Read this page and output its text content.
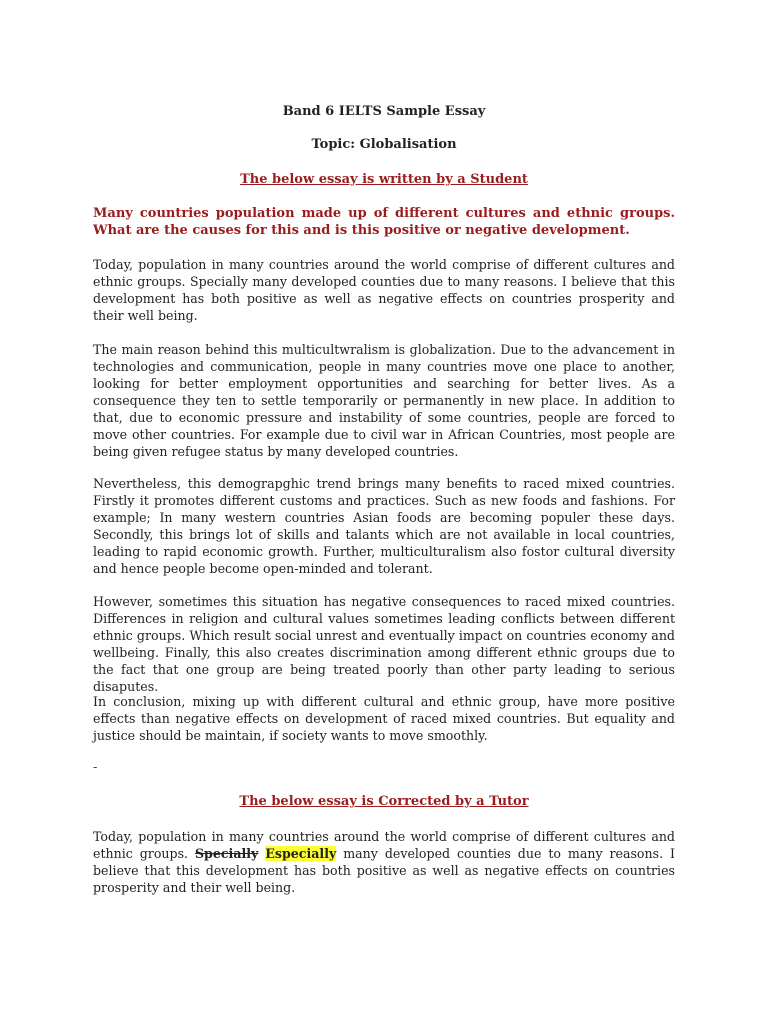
Band 6 IELTS Sample Essay
Topic: Globalisation
The below essay is written by a Student
Many countries population made up of different cultures and ethnic groups. What are the causes for this and is this positive or negative development.
Today, population in many countries around the world comprise of different cultures and ethnic groups. Specially many developed counties due to many reasons. I believe that this development has both positive as well as negative effects on countries prosperity and their well being.
The main reason behind this multicultwralism is globalization. Due to the advancement in technologies and communication, people in many countries move one place to another, looking for better employment opportunities and searching for better lives. As a consequence they ten to settle temporarily or permanently in new place. In addition to that, due to economic pressure and instability of some countries, people are forced to move other countries. For example due to civil war in African Countries, most people are being given refugee status by many developed countries.
Nevertheless, this demograpghic trend brings many benefits to raced mixed countries. Firstly it promotes different customs and practices. Such as new foods and fashions. For example; In many western countries Asian foods are becoming populer these days. Secondly, this brings lot of skills and talants which are not available in local countries, leading to rapid economic growth. Further, multiculturalism also fostor cultural diversity and hence people become open-minded and tolerant.
However, sometimes this situation has negative consequences to raced mixed countries. Differences in religion and cultural values sometimes leading conflicts between different ethnic groups. Which result social unrest and eventually impact on countries economy and wellbeing. Finally, this also creates discrimination among different ethnic groups due to the fact that one group are being treated poorly than other party leading to serious disaputes.
In conclusion, mixing up with different cultural and ethnic group, have more positive effects than negative effects on development of raced mixed countries. But equality and justice should be maintain, if society wants to move smoothly.
-
The below essay is Corrected by a Tutor
Today, population in many countries around the world comprise of different cultures and ethnic groups. Specially Especially many developed counties due to many reasons. I believe that this development has both positive as well as negative effects on countries prosperity and their well being.
